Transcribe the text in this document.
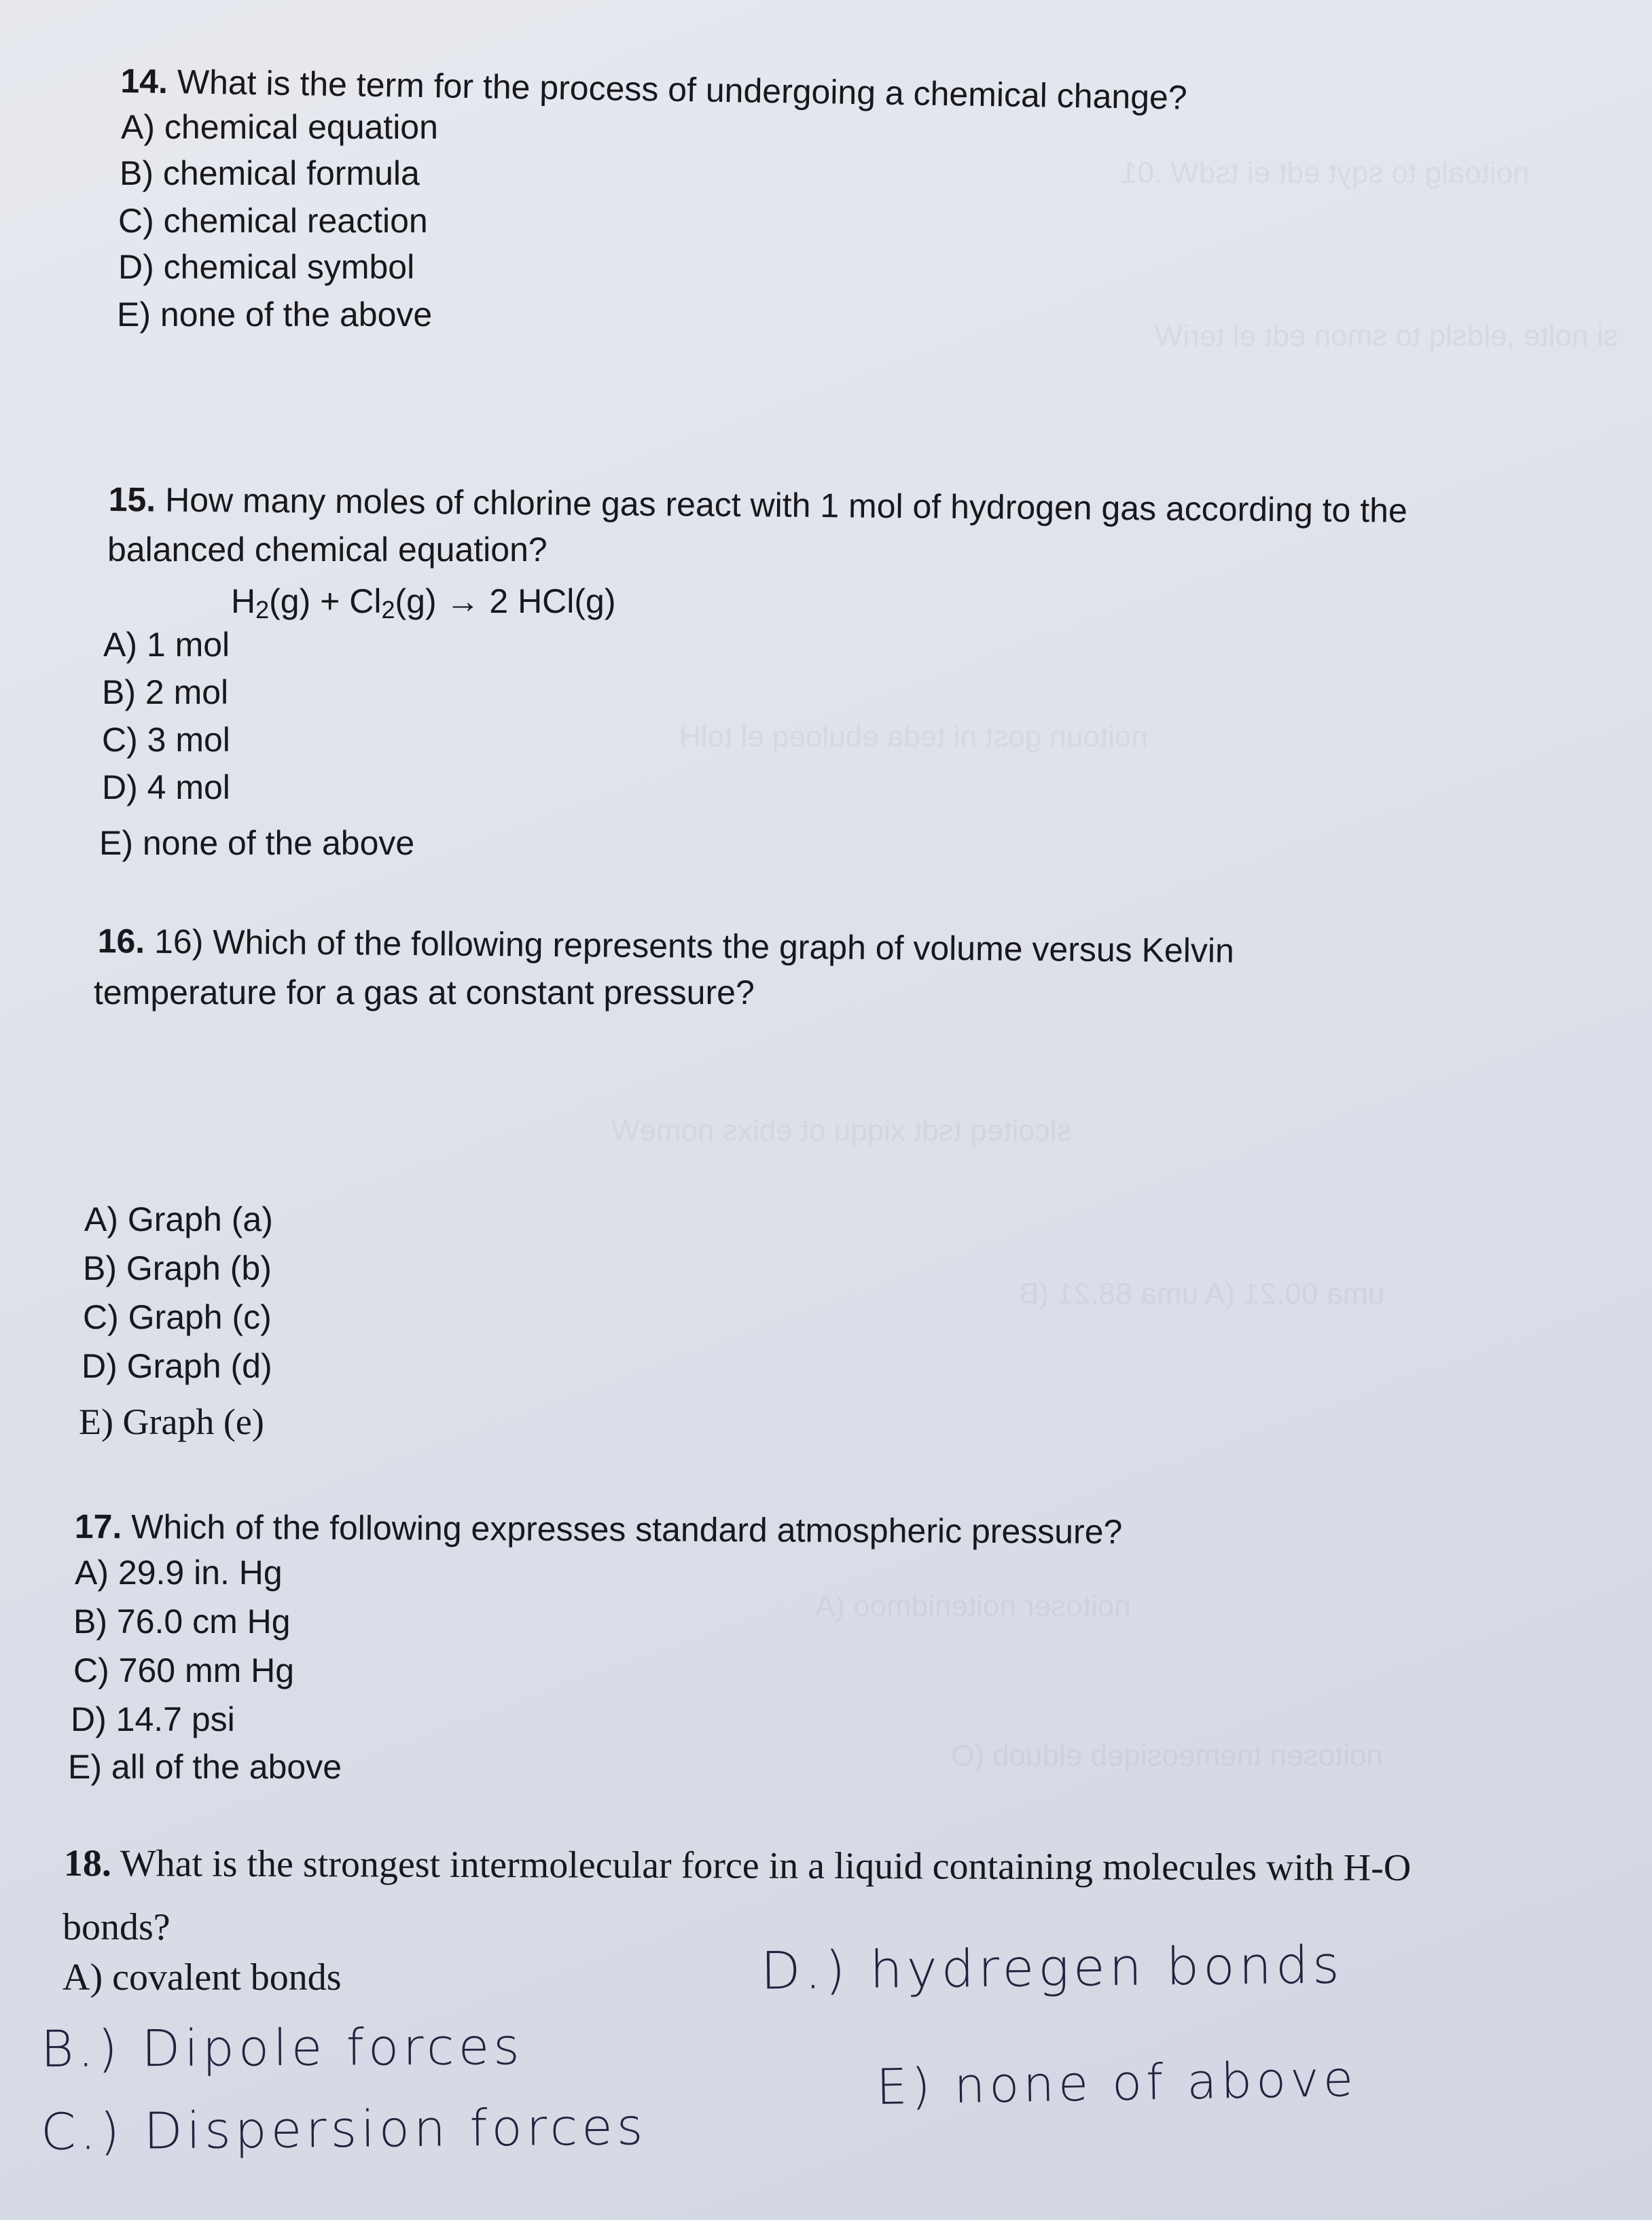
noitoalg to sqyt edt ei tsdW .01
si nolte ,eldslq to smon edt el teriW
noitoun gost ni teda ebuloeq el tolH
slcoiteq tsdt xiqqu ot ebixs nomeW
uma 00.21 (A uma 88.21 (B
noitoser noitenidmoo (A
noitosen tnemeosiqeb elduob (O

14. What is the term for the process of undergoing a chemical change?

A) chemical equation

B) chemical formula

C) chemical reaction

D) chemical symbol

E) none of the above

15. How many moles of chlorine gas react with 1 mol of hydrogen gas according to the

balanced chemical equation?

H2(g) + Cl2(g) → 2 HCl(g)

A) 1 mol

B) 2 mol

C) 3 mol

D) 4 mol

E) none of the above

16. 16) Which of the following represents the graph of volume versus Kelvin

temperature for a gas at constant pressure?

A) Graph (a)

B) Graph (b)

C) Graph (c)

D) Graph (d)

E) Graph (e)

17. Which of the following expresses standard atmospheric pressure?

A) 29.9 in. Hg

B) 76.0 cm Hg

C) 760 mm Hg

D) 14.7 psi

E) all of the above

18. What is the strongest intermolecular force in a liquid containing molecules with H-O

bonds?

A) covalent bonds	D.) hydregen bonds

B.) Dipole forces

E) none of above

C.) Dispersion forces
